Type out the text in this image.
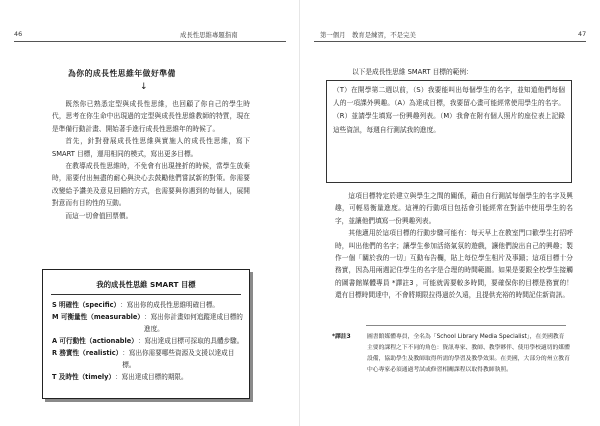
46	成長性思維專題指南
為你的成長性思維年做好準備
↓

既然你已熟悉定型與成長性思維，也回顧了你自己的學生時代，思考在你生命中出現過的定型與成長性思維教師的特質，現在是準備行動計畫、開始著手進行成長性思維年的時候了。

首先，針對發展成長性思維與實施人的成長性思維，寫下 SMART 目標，運用相同的模式，寫出更多目標。

在教導成長性思維時，不免會有出現挫折的時候，當學生放棄時，需要付出無盡的耐心與決心去鼓勵他們嘗試新的對策。你需要改變給予讚美及意見回饋的方式，也需要與你遇到的每個人，展開對意而有目的性的互動。

而這一切會值回票價。

我的成長性思維 SMART 目標
S 明確性（specific） ：寫出你的成長性思維明確目標。
M 可衡量性（measurable） ：寫出你計畫如何追蹤達成目標的進度。
A 可行動性（actionable） ：寫出達成目標可採取的具體步驟。
R 務實性（realistic） ：寫出你需要哪些資源及支援以達成目標。
T 及時性（timely） ：寫出達成目標的期限。
第一個月　教育是練習，不是完美	47
以下是成長性思維 SMART 目標的範例：
（T）在開學第二週以前，（S）我要能叫出每個學生的名字，並知道他們每個人的一項課外興趣。（A）為達成目標，我要留心畫可能經常使用學生的名字。（R）並請學生填寫一份興趣列表。（M）我會在附有個人照片的座位表上記錄這些資訊，每週自行測試我的進度。

這項目標特定於建立與學生之間的關係，藉由自行測試每個學生的名字及興趣，可輕易衡量進度。這裡的行動項目包括會引能經常在對話中使用學生的名字，並讓他們填寫一份興趣列表。

其他適用於這項目標的行動步驟可能有：每天早上在教室門口歡學生打招呼時，叫出他們的名字；讓學生參加活絡氣氛的遊戲，讓他們說出自己的興趣；製作一個「關於我的一切」互動布告欄，貼上每位學生相片及事蹟；這項目標十分務實，因為用兩週記住學生的名字是合理的時間範圍。如果是要跟全校學生接觸的圖書館媒體專員 *譯註3 ，可能就需要較多時間，要確保你的目標是務實的！還有目標時間達中，不會將期限拉得過於久遠，且提供充裕的時間記住新資訊。

*譯註3	圖書館媒體專員，全名為「School Library Media Specialist」，在美國教育主要的課程之下不同的角色：資訊專家、教師、教學夥伴、使用學校適切的媒體設備，協助學生及教師取得所需的學習及教學效果。在美國，大部分的州立教育中心專家必須通過考試或修習相關課程以取得教師執照。
